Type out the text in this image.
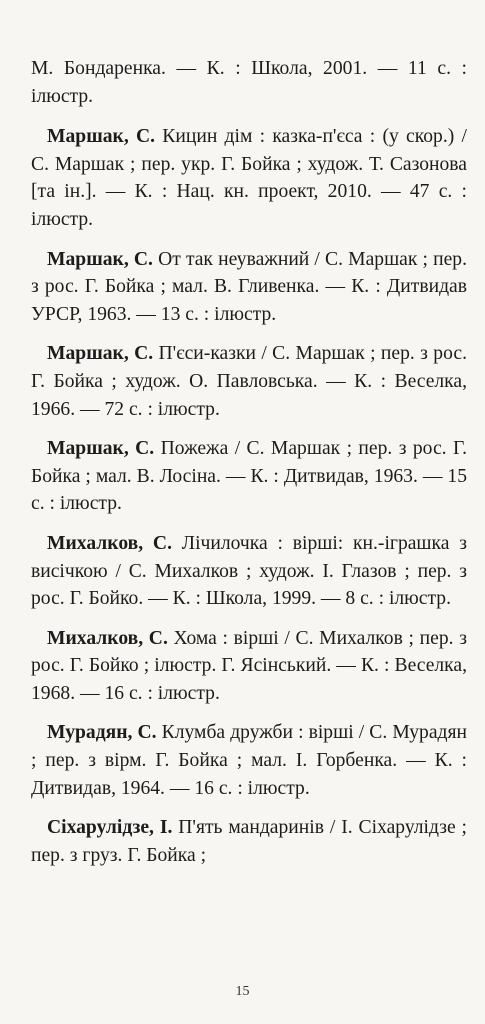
М. Бондаренка. — К. : Школа, 2001. — 11 с. : ілюстр.

Маршак, С. Кицин дім : казка-п'єса : (у скор.) / С. Маршак ; пер. укр. Г. Бойка ; худож. Т. Сазонова [та ін.]. — К. : Нац. кн. проект, 2010. — 47 с. : ілюстр.

Маршак, С. От так неуважний / С. Маршак ; пер. з рос. Г. Бойка ; мал. В. Гливенка. — К. : Дитвидав УРСР, 1963. — 13 с. : ілюстр.

Маршак, С. П'єси-казки / С. Маршак ; пер. з рос. Г. Бойка ; худож. О. Павловська. — К. : Веселка, 1966. — 72 с. : ілюстр.

Маршак, С. Пожежа / С. Маршак ; пер. з рос. Г. Бойка ; мал. В. Лосіна. — К. : Дитвидав, 1963. — 15 с. : ілюстр.

Михалков, С. Лічилочка : вірші: кн.-іграшка з висічкою / С. Михалков ; худож. І. Глазов ; пер. з рос. Г. Бойко. — К. : Школа, 1999. — 8 с. : ілюстр.

Михалков, С. Хома : вірші / С. Михалков ; пер. з рос. Г. Бойко ; ілюстр. Г. Ясінський. — К. : Веселка, 1968. — 16 с. : ілюстр.

Мурадян, С. Клумба дружби : вірші / С. Мурадян ; пер. з вірм. Г. Бойка ; мал. І. Горбенка. — К. : Дитвидав, 1964. — 16 с. : ілюстр.

Сіхарулідзе, І. П'ять мандаринів / І. Сіхарулідзе ; пер. з груз. Г. Бойка ;

15
